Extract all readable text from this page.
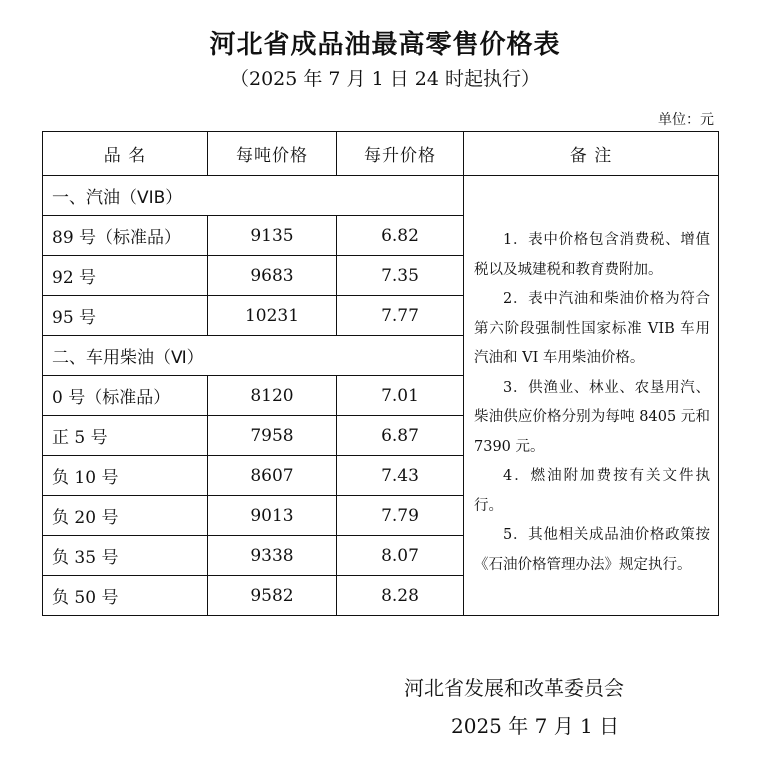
河北省成品油最高零售价格表
（2025 年 7 月 1 日 24 时起执行）
单位：元
品 名	每吨价格	每升价格	备 注
一、汽油（VIB）			1．表中价格包含消费税、增值税以及城建税和教育费附加。

2．表中汽油和柴油价格为符合第六阶段强制性国家标准 VIB 车用汽油和 VI 车用柴油价格。

3．供渔业、林业、农垦用汽、柴油供应价格分别为每吨 8405 元和 7390 元。

4．燃油附加费按有关文件执行。

5．其他相关成品油价格政策按《石油价格管理办法》规定执行。

89 号（标准品）	9135	6.82	
92 号	9683	7.35	
95 号	10231	7.77	
二、车用柴油（Ⅵ）			
0 号（标准品）	8120	7.01	
正 5 号	7958	6.87	
负 10 号	8607	7.43	
负 20 号	9013	7.79	
负 35 号	9338	8.07	
负 50 号	9582	8.28	
河北省发展和改革委员会
2025 年 7 月 1 日
